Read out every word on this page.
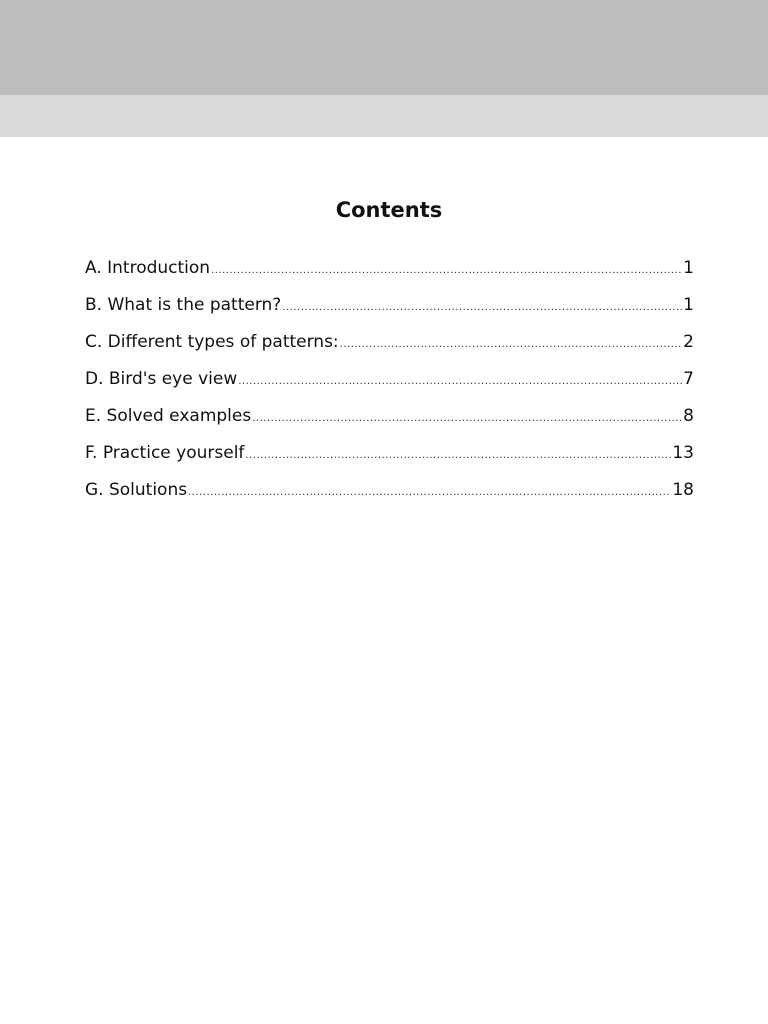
Contents
A. Introduction .....	1
B. What is the pattern? .....	1
C. Different types of patterns: .....	2
D. Bird's eye view .....	7
E. Solved examples .....	8
F. Practice yourself .....	13
G. Solutions .....	18
